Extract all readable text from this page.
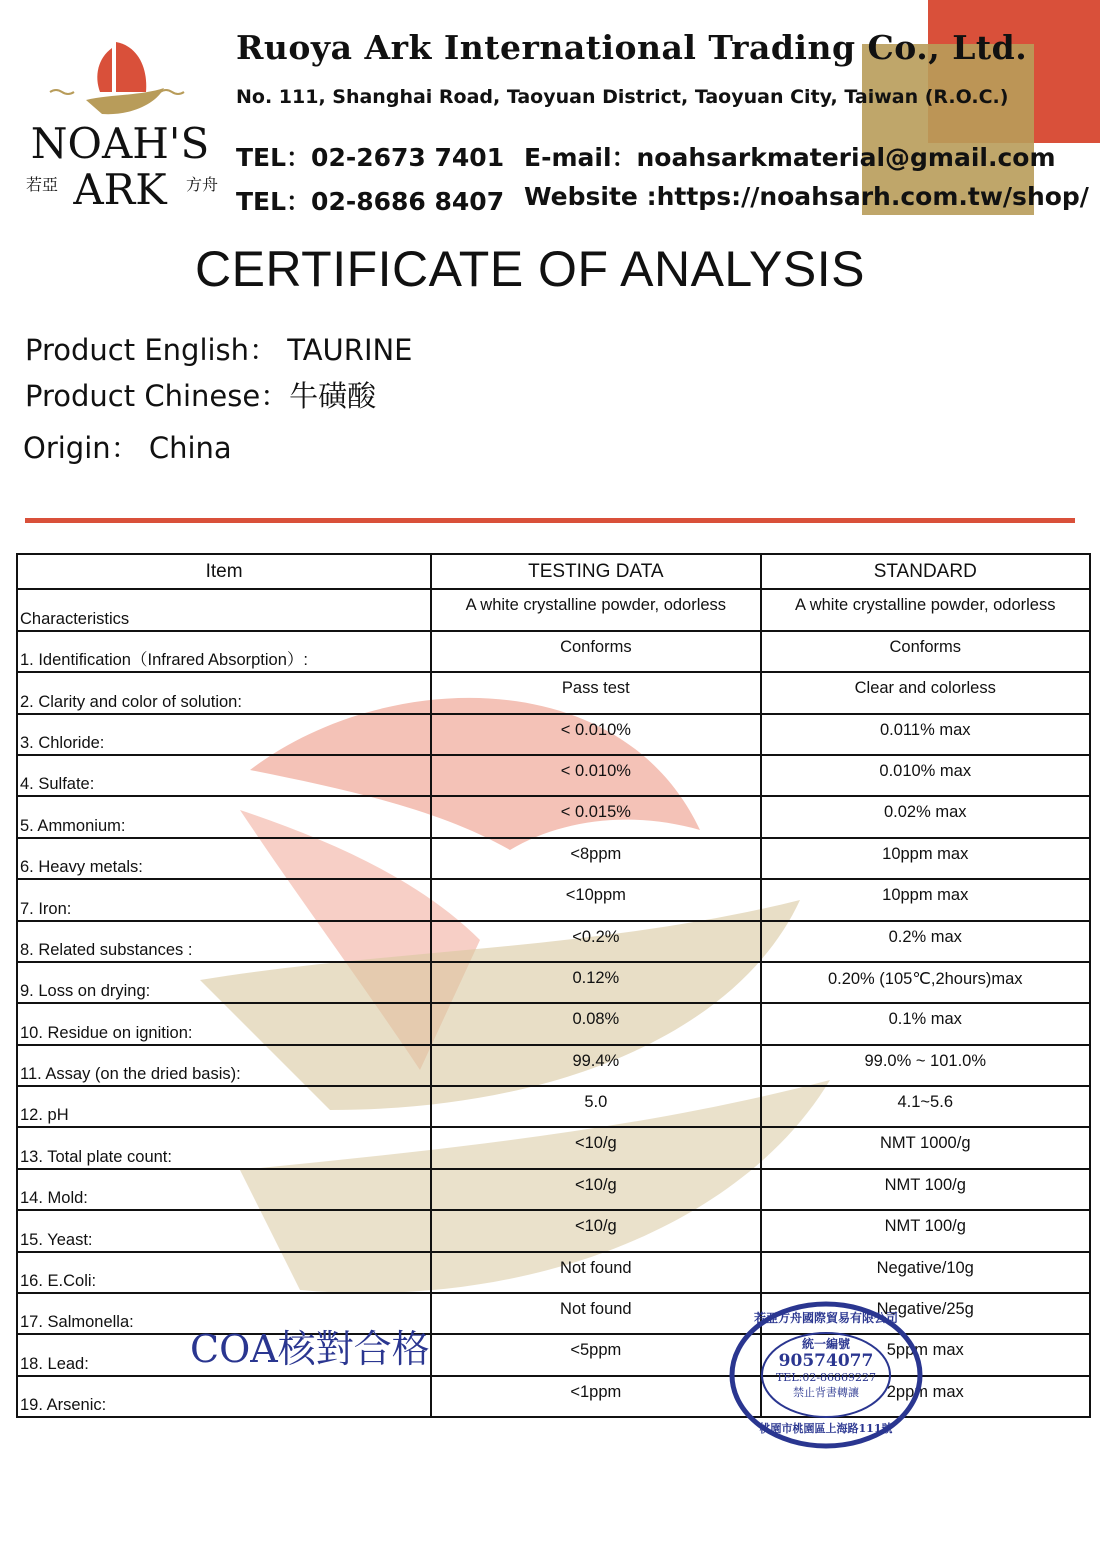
NOAH'S
ARK
若亞	方舟
Ruoya Ark International Trading Co., Ltd.
No. 111, Shanghai Road, Taoyuan District, Taoyuan City, Taiwan (R.O.C.)
TEL：02-2673 7401
TEL：02-8686 8407
E-mail：noahsarkmaterial@gmail.com
Website :https://noahsarh.com.tw/shop/
CERTIFICATE OF ANALYSIS
Product English： TAURINE
Product Chinese：牛磺酸
Origin： China
Item	TESTING DATA	STANDARD
Characteristics	A white crystalline powder, odorless	A white crystalline powder, odorless
1. Identification（Infrared Absorption）:	Conforms	Conforms
2. Clarity and color of solution:	Pass test	Clear and colorless
3. Chloride:	< 0.010%	0.011% max
4. Sulfate:	< 0.010%	0.010% max
5. Ammonium:	< 0.015%	0.02% max
6. Heavy metals:	<8ppm	10ppm max
7. Iron:	<10ppm	10ppm max
8. Related substances :	<0.2%	0.2% max
9. Loss on drying:	0.12%	0.20% (105℃,2hours)max
10. Residue on ignition:	0.08%	0.1% max
11. Assay (on the dried basis):	99.4%	99.0% ~ 101.0%
12. pH	5.0	4.1~5.6
13. Total plate count:	<10/g	NMT 1000/g
14. Mold:	<10/g	NMT 100/g
15. Yeast:	<10/g	NMT 100/g
16. E.Coli:	Not found	Negative/10g
17. Salmonella:	Not found	Negative/25g
18. Lead:	<5ppm	5ppm max
19. Arsenic:	<1ppm	2ppm max
COA核對合格
若亞方舟國際貿易有限公司
統一編號
90574077
TEL:02-86869227
禁止背書轉讓
桃園市桃園區上海路111號
